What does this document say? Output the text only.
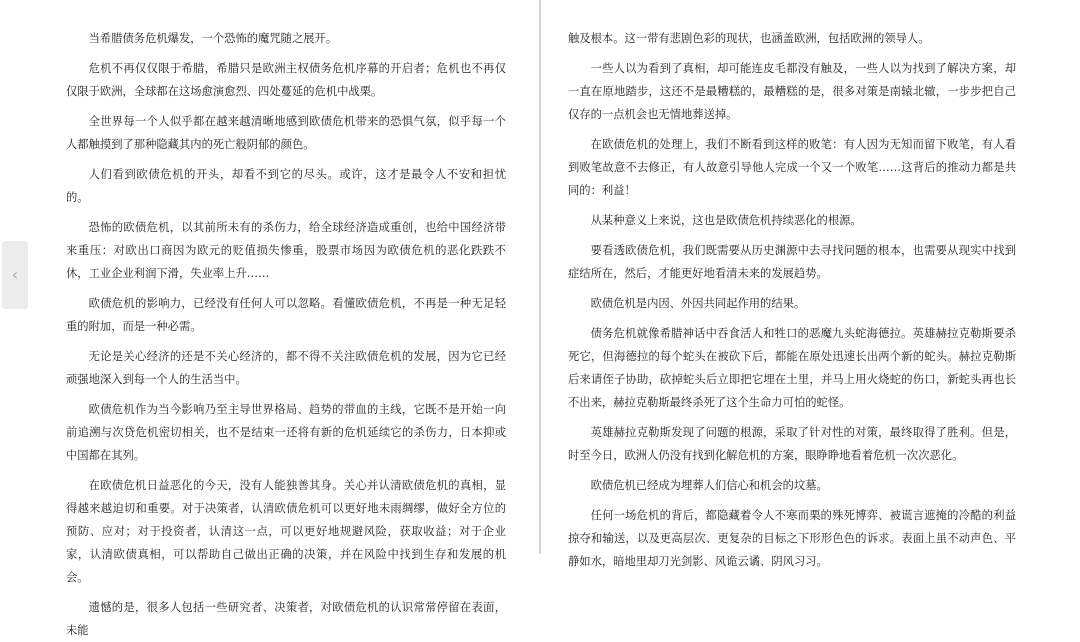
当希腊债务危机爆发，一个恐怖的魔咒随之展开。

危机不再仅仅限于希腊，希腊只是欧洲主权债务危机序幕的开启者；危机也不再仅仅限于欧洲，全球都在这场愈演愈烈、四处蔓延的危机中战栗。

全世界每一个人似乎都在越来越清晰地感到欧债危机带来的恐惧气氛，似乎每一个人都触摸到了那种隐藏其内的死亡般阴郁的颜色。

人们看到欧债危机的开头，却看不到它的尽头。或许，这才是最令人不安和担忧的。

恐怖的欧债危机，以其前所未有的杀伤力，给全球经济造成重创，也给中国经济带来重压：对欧出口商因为欧元的贬值损失惨重，股票市场因为欧债危机的恶化跌跌不休，工业企业利润下滑，失业率上升……

欧债危机的影响力，已经没有任何人可以忽略。看懂欧债危机，不再是一种无足轻重的附加，而是一种必需。

无论是关心经济的还是不关心经济的，都不得不关注欧债危机的发展，因为它已经顽强地深入到每一个人的生活当中。

欧债危机作为当今影响乃至主导世界格局、趋势的带血的主线，它既不是开始一向前追溯与次贷危机密切相关，也不是结束一还将有新的危机延续它的杀伤力，日本抑或中国都在其列。

在欧债危机日益恶化的今天，没有人能独善其身。关心并认清欧债危机的真相，显得越来越迫切和重要。对于决策者，认清欧债危机可以更好地未雨绸缪，做好全方位的预防、应对；对于投资者，认清这一点，可以更好地规避风险，获取收益；对于企业家，认清欧债真相，可以帮助自己做出正确的决策，并在风险中找到生存和发展的机会。

遗憾的是，很多人包括一些研究者、决策者，对欧债危机的认识常常停留在表面，未能

触及根本。这一带有悲剧色彩的现状，也涵盖欧洲，包括欧洲的领导人。

一些人以为看到了真相，却可能连皮毛都没有触及，一些人以为找到了解决方案，却一直在原地踏步，这还不是最糟糕的，最糟糕的是，很多对策是南辕北辙，一步步把自己仅存的一点机会也无情地葬送掉。

在欧债危机的处理上，我们不断看到这样的败笔：有人因为无知而留下败笔，有人看到败笔故意不去修正，有人故意引导他人完成一个又一个败笔……这背后的推动力都是共同的：利益！

从某种意义上来说，这也是欧债危机持续恶化的根源。

要看透欧债危机，我们既需要从历史渊源中去寻找问题的根本，也需要从现实中找到症结所在，然后，才能更好地看清未来的发展趋势。

欧债危机是内因、外因共同起作用的结果。

债务危机就像希腊神话中吞食活人和牲口的恶魔九头蛇海德拉。英雄赫拉克勒斯要杀死它，但海德拉的每个蛇头在被砍下后，都能在原处迅速长出两个新的蛇头。赫拉克勒斯后来请侄子协助，砍掉蛇头后立即把它埋在土里，并马上用火烧蛇的伤口，新蛇头再也长不出来，赫拉克勒斯最终杀死了这个生命力可怕的蛇怪。

英雄赫拉克勒斯发现了问题的根源，采取了针对性的对策，最终取得了胜利。但是，时至今日，欧洲人仍没有找到化解危机的方案，眼睁睁地看着危机一次次恶化。

欧债危机已经成为埋葬人们信心和机会的坟墓。

任何一场危机的背后，都隐藏着令人不寒而栗的殊死博弈、被谎言遮掩的冷酷的利益掠夺和输送，以及更高层次、更复杂的目标之下形形色色的诉求。表面上虽不动声色、平静如水，暗地里却刀光剑影、风诡云谲、阴风习习。

‹
